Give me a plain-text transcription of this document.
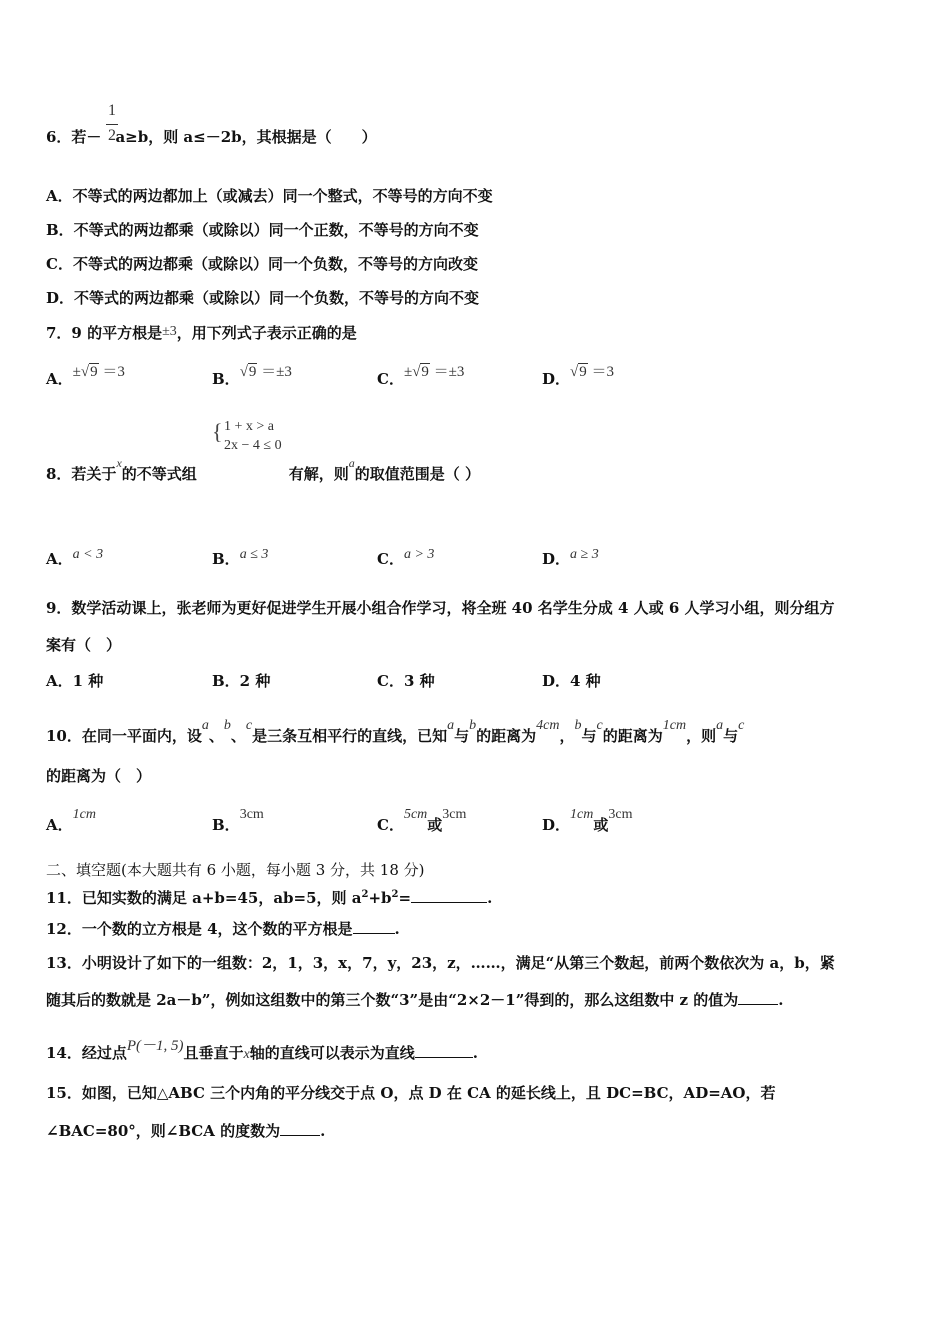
6．若－ a≥b，则 a≤－2b，其根据是（　　）
1
2
A．不等式的两边都加上（或减去）同一个整式，不等号的方向不变
B．不等式的两边都乘（或除以）同一个正数，不等号的方向不变
C．不等式的两边都乘（或除以）同一个负数，不等号的方向改变
D．不等式的两边都乘（或除以）同一个负数，不等号的方向不变
7．9 的平方根是±3，用下列式子表示正确的是
A．±√9 ＝3	B．√9 ＝±3	C．±√9 ＝±3	D．√9 ＝3
8．若关于$^x$的不等式组	有解，则$^a$的取值范围是（ ）
{ 1 + x > a
2x − 4 ≤ 0
A．a < 3	B．a ≤ 3	C．a > 3	D．a ≥ 3
9．数学活动课上，张老师为更好促进学生开展小组合作学习，将全班 40 名学生分成 4 人或 6 人学习小组，则分组方
案有（　）
A．1 种	B．2 种	C．3 种	D．4 种
10．在同一平面内，设a、b、c是三条互相平行的直线，已知a与b的距离为4cm，b与c的距离为1cm，则a与c
的距离为（　）
A．1cm
B．3cm
C．5cm或3cm
D．1cm或3cm
二、填空题(本大题共有 6 小题，每小题 3 分，共 18 分)
11．已知实数的满足 a+b=45，ab=5，则 $a^2+b^2=$	.
12．一个数的立方根是 4，这个数的平方根是	.
13．小明设计了如下的一组数：2，1，3，x，7，y，23，z，……，满足“从第三个数起，前两个数依次为 a，b，紧
随其后的数就是 2a－b”，例如这组数中的第三个数“3”是由“2×2－1”得到的，那么这组数中 z 的值为	.
14．经过点P(－1, 5)且垂直于x轴的直线可以表示为直线	.
15．如图，已知△ABC 三个内角的平分线交于点 O，点 D 在 CA 的延长线上，且 DC=BC，AD=AO，若
∠BAC=80°，则∠BCA 的度数为	.
